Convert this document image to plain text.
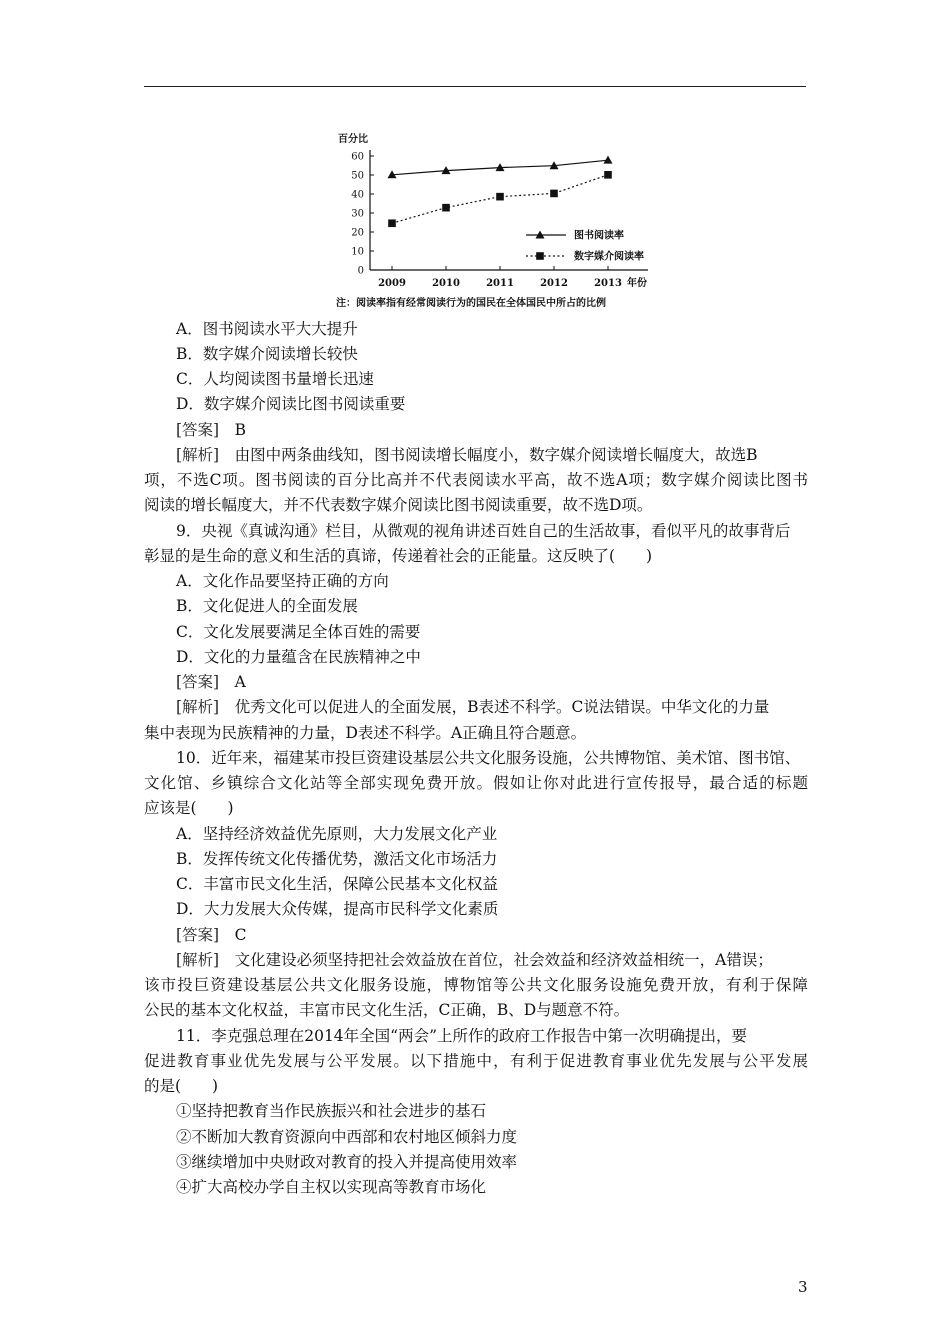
百分比
0
10
20
30
40
50
60
2009	2010	2011	2012	2013 年份
图书阅读率
数字媒介阅读率
注：阅读率指有经常阅读行为的国民在全体国民中所占的比例
A．图书阅读水平大大提升
B．数字媒介阅读增长较快
C．人均阅读图书量增长迅速
D．数字媒介阅读比图书阅读重要
[答案]　 B
[解析]　 由图中两条曲线知，图书阅读增长幅度小，数字媒介阅读增长幅度大，故选B
项，不选C项。图书阅读的百分比高并不代表阅读水平高，故不选A项；数字媒介阅读比图书
阅读的增长幅度大，并不代表数字媒介阅读比图书阅读重要，故不选D项。
9．央视《真诚沟通》栏目，从微观的视角讲述百姓自己的生活故事，看似平凡的故事背后
彰显的是生命的意义和生活的真谛，传递着社会的正能量。这反映了(　　)
A．文化作品要坚持正确的方向
B．文化促进人的全面发展
C．文化发展要满足全体百姓的需要
D．文化的力量蕴含在民族精神之中
[答案]　 A
[解析]　 优秀文化可以促进人的全面发展，B表述不科学。C说法错误。中华文化的力量
集中表现为民族精神的力量，D表述不科学。A正确且符合题意。
10．近年来，福建某市投巨资建设基层公共文化服务设施，公共博物馆、美术馆、图书馆、
文化馆、乡镇综合文化站等全部实现免费开放。假如让你对此进行宣传报导，最合适的标题
应该是(　　)
A．坚持经济效益优先原则，大力发展文化产业
B．发挥传统文化传播优势，激活文化市场活力
C．丰富市民文化生活，保障公民基本文化权益
D．大力发展大众传媒，提高市民科学文化素质
[答案]　 C
[解析]　 文化建设必须坚持把社会效益放在首位，社会效益和经济效益相统一，A错误；
该市投巨资建设基层公共文化服务设施，博物馆等公共文化服务设施免费开放，有利于保障
公民的基本文化权益，丰富市民文化生活，C正确，B、D与题意不符。
11．李克强总理在2014年全国“两会”上所作的政府工作报告中第一次明确提出，要
促进教育事业优先发展与公平发展。以下措施中，有利于促进教育事业优先发展与公平发展
的是(　　)
①坚持把教育当作民族振兴和社会进步的基石
②不断加大教育资源向中西部和农村地区倾斜力度
③继续增加中央财政对教育的投入并提高使用效率
④扩大高校办学自主权以实现高等教育市场化
3
